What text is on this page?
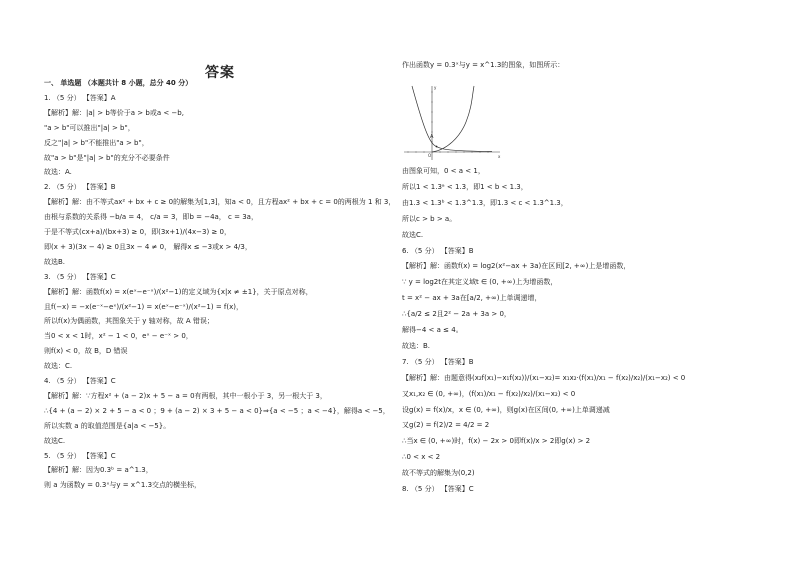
答案
一、 单选题 （本题共计 8 小题，总分 40 分）
1. （5 分） 【答案】A
【解析】解：|a| > b等价于a > b或a < −b,
"a > b"可以推出"|a| > b"，
反之"|a| > b"不能推出"a > b"，
故"a > b"是"|a| > b"的充分不必要条件
故选：A.
2. （5 分） 【答案】B
【解析】解：由不等式ax² + bx + c ≥ 0的解集为[1,3]，知a < 0，且方程ax² + bx + c = 0的两根为 1 和 3，
由根与系数的关系得 −b/a = 4， c/a = 3，即b = −4a， c = 3a，
于是不等式(cx+a)/(bx+3) ≥ 0，即(3x+1)/(4x−3) ≥ 0，
即(x + 3)(3x − 4) ≥ 0且3x − 4 ≠ 0， 解得x ≤ −3或x > 4/3，
故选B.
3. （5 分） 【答案】C
【解析】解：函数f(x) = x(eˣ−e⁻ˣ)/(x²−1)的定义域为{x|x ≠ ±1}，关于原点对称，
且f(−x) = −x(e⁻ˣ−eˣ)/(x²−1) = x(eˣ−e⁻ˣ)/(x²−1) = f(x)，
所以f(x)为偶函数，其图象关于 y 轴对称，故 A 错误；
当0 < x < 1时，x² − 1 < 0，eˣ − e⁻ˣ > 0，
则f(x) < 0，故 B，D 错误
故选：C.
4. （5 分） 【答案】C
【解析】解：∵方程x² + (a − 2)x + 5 − a = 0有两根，其中一根小于 3，另一根大于 3，
∴{4 + (a − 2) × 2 + 5 − a < 0 ；9 + (a − 2) × 3 + 5 − a < 0}⇒{a < −5 ；a < −4}，解得a < −5，
所以实数 a 的取值范围是{a|a < −5}。
故选C.
5. （5 分） 【答案】C
【解析】解：因为0.3ᵇ = a^1.3，
则 a 为函数y = 0.3ˣ与y = x^1.3交点的横坐标，
作出函数y = 0.3ˣ与y = x^1.3的图象，如图所示：
由图象可知，0 < a < 1，
所以1 < 1.3ᵃ < 1.3，即1 < b < 1.3，
由1.3 < 1.3ᵇ < 1.3^1.3，即1.3 < c < 1.3^1.3，
所以c > b > a。
故选C.
6. （5 分） 【答案】B
【解析】解：函数f(x) = log2(x²−ax + 3a)在区间[2, +∞)上是增函数，
∵ y = log2t在其定义域t ∈ (0, +∞)上为增函数，
t = x² − ax + 3a在[a/2, +∞)上单调递增，
∴{a/2 ≤ 2且2² − 2a + 3a > 0，
解得−4 < a ≤ 4。
故选：B.
7. （5 分） 【答案】B
【解析】解：由题意得(x₂f(x₁)−x₁f(x₂))/(x₁−x₂)= x₁x₂·(f(x₁)/x₁ − f(x₂)/x₂)/(x₁−x₂) < 0
又x₁,x₂ ∈ (0, +∞)，(f(x₁)/x₁ − f(x₂)/x₂)/(x₁−x₂) < 0
设g(x) = f(x)/x，x ∈ (0, +∞)，则g(x)在区间(0, +∞)上单调递减
又g(2) = f(2)/2 = 4/2 = 2
∴当x ∈ (0, +∞)时，f(x) − 2x > 0即f(x)/x > 2即g(x) > 2
∴0 < x < 2
故不等式的解集为(0,2)
8. （5 分） 【答案】C
x
y
O
A
